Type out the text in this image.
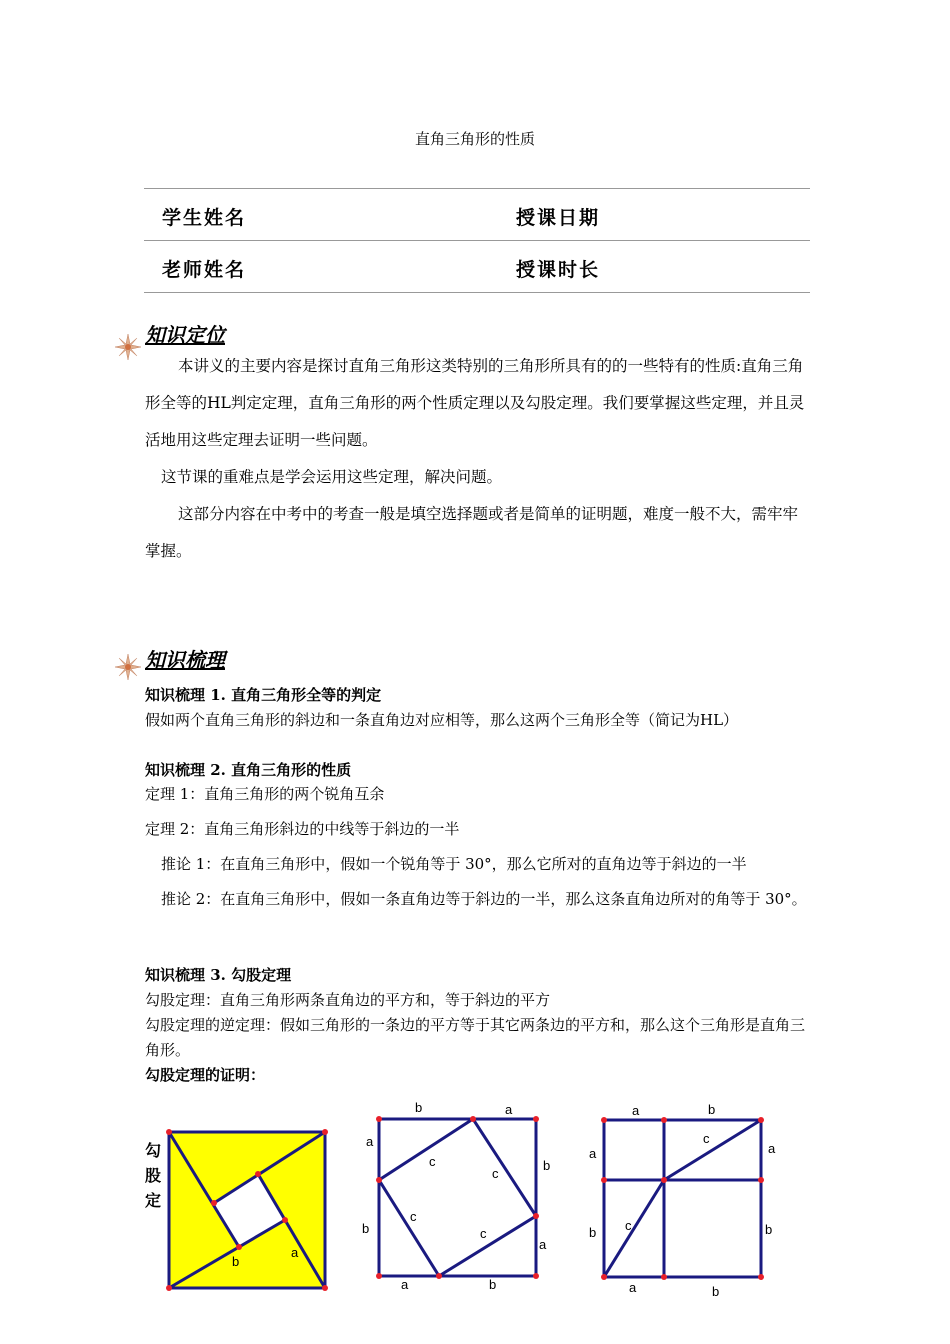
直角三角形的性质
学生姓名	授课日期
老师姓名	授课时长
知识定位

本讲义的主要内容是探讨直角三角形这类特别的三角形所具有的的一些特有的性质:直角三角形全等的HL判定定理，直角三角形的两个性质定理以及勾股定理。我们要掌握这些定理，并且灵活地用这些定理去证明一些问题。

这节课的重难点是学会运用这些定理，解决问题。

这部分内容在中考中的考查一般是填空选择题或者是简单的证明题，难度一般不大，需牢牢掌握。

知识梳理
知识梳理 1. 直角三角形全等的判定
假如两个直角三角形的斜边和一条直角边对应相等，那么这两个三角形全等（简记为HL）
知识梳理 2. 直角三角形的性质
定理 1：直角三角形的两个锐角互余
定理 2：直角三角形斜边的中线等于斜边的一半
推论 1：在直角三角形中，假如一个锐角等于 30°，那么它所对的直角边等于斜边的一半
推论 2：在直角三角形中，假如一条直角边等于斜边的一半，那么这条直角边所对的角等于 30°。
知识梳理 3. 勾股定理
勾股定理：直角三角形两条直角边的平方和，等于斜边的平方
勾股定理的逆定理：假如三角形的一条边的平方等于其它两条边的平方和，那么这个三角形是直角三角形。
勾股定理的证明：
勾
股
定
b
a
b	a
a
b
b
a
a	b
c
c
c
c
a	b
a	a
c
c
b	b
a	b
